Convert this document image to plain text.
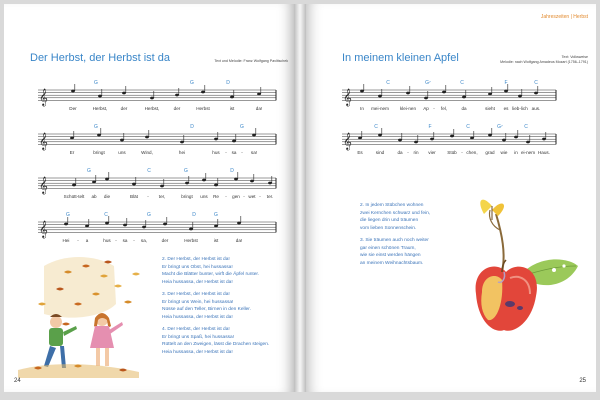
Der Herbst, der Herbst ist da	Text und Melodie: Franz Wolfgang Pavlitschek
𝄞
G	G	D
Der	Herbst,	der	Herbst,	der	Herbst	ist	da!
𝄞
G	D	G
Er	bringt	uns	Wind,	hei	hus - sa - sa!
𝄞
G	C	G	D
Schütt-telt ab die	Blät - ter,	bringt uns Re - gen - wet - ter.
𝄞
G	C	G	D	G
Hei - a	hus - sa - sa,	der	Herbst	ist	da!
2. Der Herbst, der Herbst ist da!
Er bringt uns Obst, hei hussassa!
Macht die Blätter bunter, wirft die Äpfel runter.
Heia hussassa, der Herbst ist da!
3. Der Herbst, der Herbst ist da!
Er bringt uns Wein, hei hussassa!
Nüsse auf den Teller, Birnen in den Keller.
Heia hussassa, der Herbst ist da!
4. Der Herbst, der Herbst ist da!
Er bringt uns Spaß, hei hussassa!
Rüttelt an den Zweigen, lässt die Drachen steigen.
Heia hussassa, der Herbst ist da!
24
Jahreszeiten | Herbst
In meinem kleinen Apfel	Text: Volksweise
Melodie: nach Wolfgang Amadeus Mozart (1756–1791)
𝄞
C	G⁷	C	F	C
In mei-nem klei-nen Ap - fel,	da	sieht es lieb-lich aus.
𝄞
C	F	C	G⁷	C
Es	sind	da - rin vier	Stüb - chen, grad wie in ei-nem Haus.
2. In jedem Stübchen wohnen
zwei Kernchen schwarz und fein,
die liegen drin und träumen
vom lieben Sonnenschein.
3. Sie träumen auch noch weiter
gar einen schönen Traum,
wie sie einst werden hängen
an meinem Weihnachtsbaum.
25
